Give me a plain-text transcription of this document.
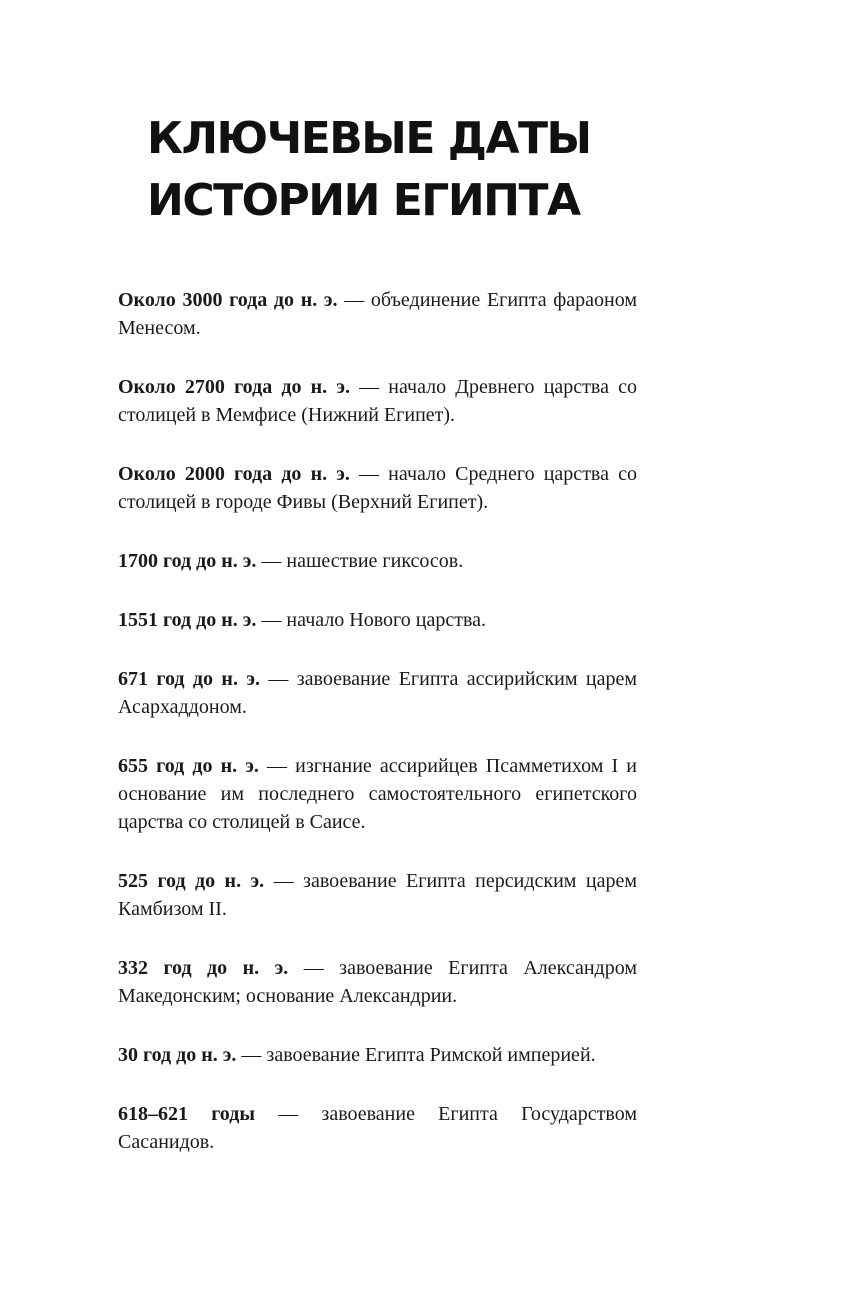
КЛЮЧЕВЫЕ ДАТЫ
ИСТОРИИ ЕГИПТА

Около 3000 года до н. э. — объединение Египта фараоном Менесом.

Около 2700 года до н. э. — начало Древнего царства со столицей в Мемфисе (Нижний Египет).

Около 2000 года до н. э. — начало Среднего царства со столицей в городе Фивы (Верхний Египет).

1700 год до н. э. — нашествие гиксосов.

1551 год до н. э. — начало Нового царства.

671 год до н. э. — завоевание Египта ассирийским царем Асархаддоном.

655 год до н. э. — изгнание ассирийцев Псамметихом I и основание им последнего самостоятельного египетского царства со столицей в Саисе.

525 год до н. э. — завоевание Египта персидским царем Камбизом II.

332 год до н. э. — завоевание Египта Александром Македонским; основание Александрии.

30 год до н. э. — завоевание Египта Римской империей.

618–621 годы — завоевание Египта Государством Сасанидов.
